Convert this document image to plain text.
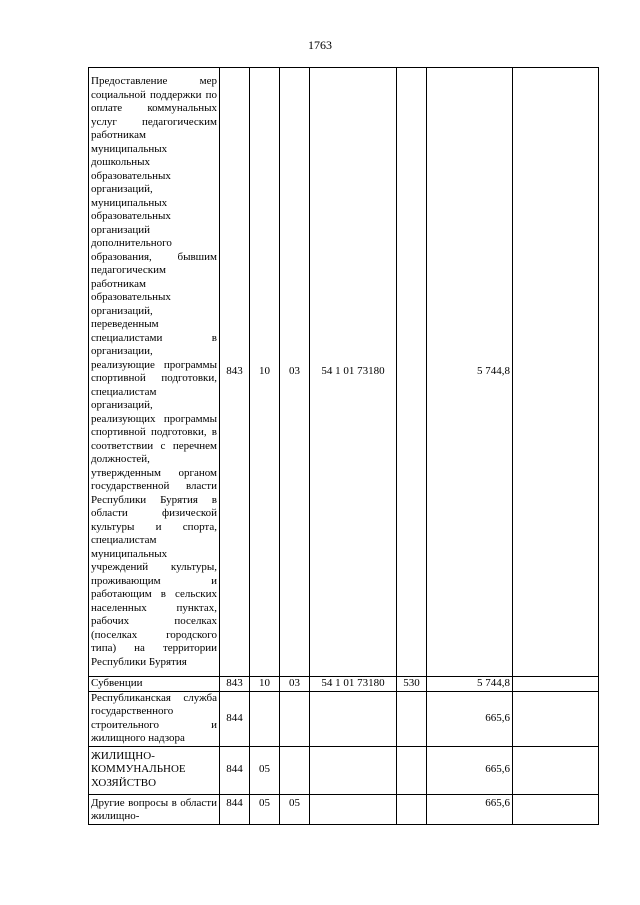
1763
Предоставление мер социальной поддержки по оплате коммунальных услуг педагогическим работникам муниципальных дошкольных образовательных организаций, муниципальных образовательных организаций дополнительного образования, бывшим педагогическим работникам образовательных организаций, переведенным специалистами в организации, реализующие программы спортивной подготовки, специалистам организаций, реализующих программы спортивной подготовки, в соответствии с перечнем должностей, утвержденным органом государственной власти Республики Бурятия в области физической культуры и спорта, специалистам муниципальных учреждений культуры, проживающим и работающим в сельских населенных пунктах, рабочих поселках (поселках городского типа) на территории Республики Бурятия	843	10	03	54 1 01 73180		5 744,8	
Субвенции	843	10	03	54 1 01 73180	530	5 744,8	
Республиканская служба государственного строительного и жилищного надзора	844					665,6	
ЖИЛИЩНО-КОММУНАЛЬНОЕ ХОЗЯЙСТВО	844	05				665,6	
Другие вопросы в области жилищно-	844	05	05			665,6	
